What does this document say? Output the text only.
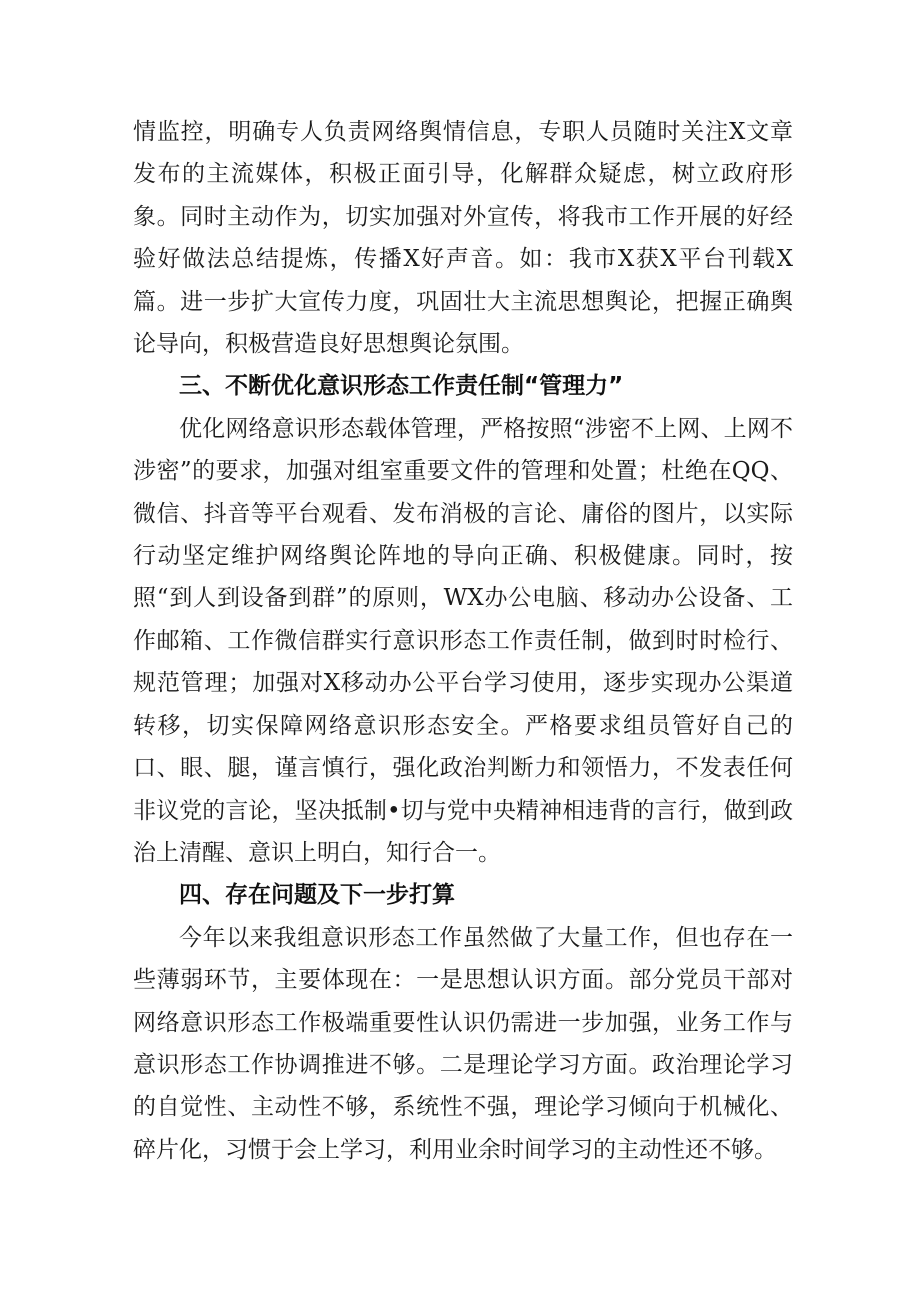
情监控，明确专人负责网络舆情信息，专职人员随时关注X文章发布的主流媒体，积极正面引导，化解群众疑虑，树立政府形象。同时主动作为，切实加强对外宣传，将我市工作开展的好经验好做法总结提炼，传播X好声音。如：我市X获X平台刊载X篇。进一步扩大宣传力度，巩固壮大主流思想舆论，把握正确舆论导向，积极营造良好思想舆论氛围。

三、不断优化意识形态工作责任制“管理力”

优化网络意识形态载体管理，严格按照“涉密不上网、上网不涉密”的要求，加强对组室重要文件的管理和处置；杜绝在QQ、微信、抖音等平台观看、发布消极的言论、庸俗的图片，以实际行动坚定维护网络舆论阵地的导向正确、积极健康。同时，按照“到人到设备到群”的原则，WX办公电脑、移动办公设备、工作邮箱、工作微信群实行意识形态工作责任制，做到时时检行、规范管理；加强对X移动办公平台学习使用，逐步实现办公渠道转移，切实保障网络意识形态安全。严格要求组员管好自己的口、眼、腿，谨言慎行，强化政治判断力和领悟力，不发表任何非议党的言论，坚决抵制•切与党中央精神相违背的言行，做到政治上清醒、意识上明白，知行合一。

四、存在问题及下一步打算

今年以来我组意识形态工作虽然做了大量工作，但也存在一些薄弱环节，主要体现在：一是思想认识方面。部分党员干部对网络意识形态工作极端重要性认识仍需进一步加强，业务工作与意识形态工作协调推进不够。二是理论学习方面。政治理论学习的自觉性、主动性不够，系统性不强，理论学习倾向于机械化、碎片化，习惯于会上学习，利用业余时间学习的主动性还不够。
